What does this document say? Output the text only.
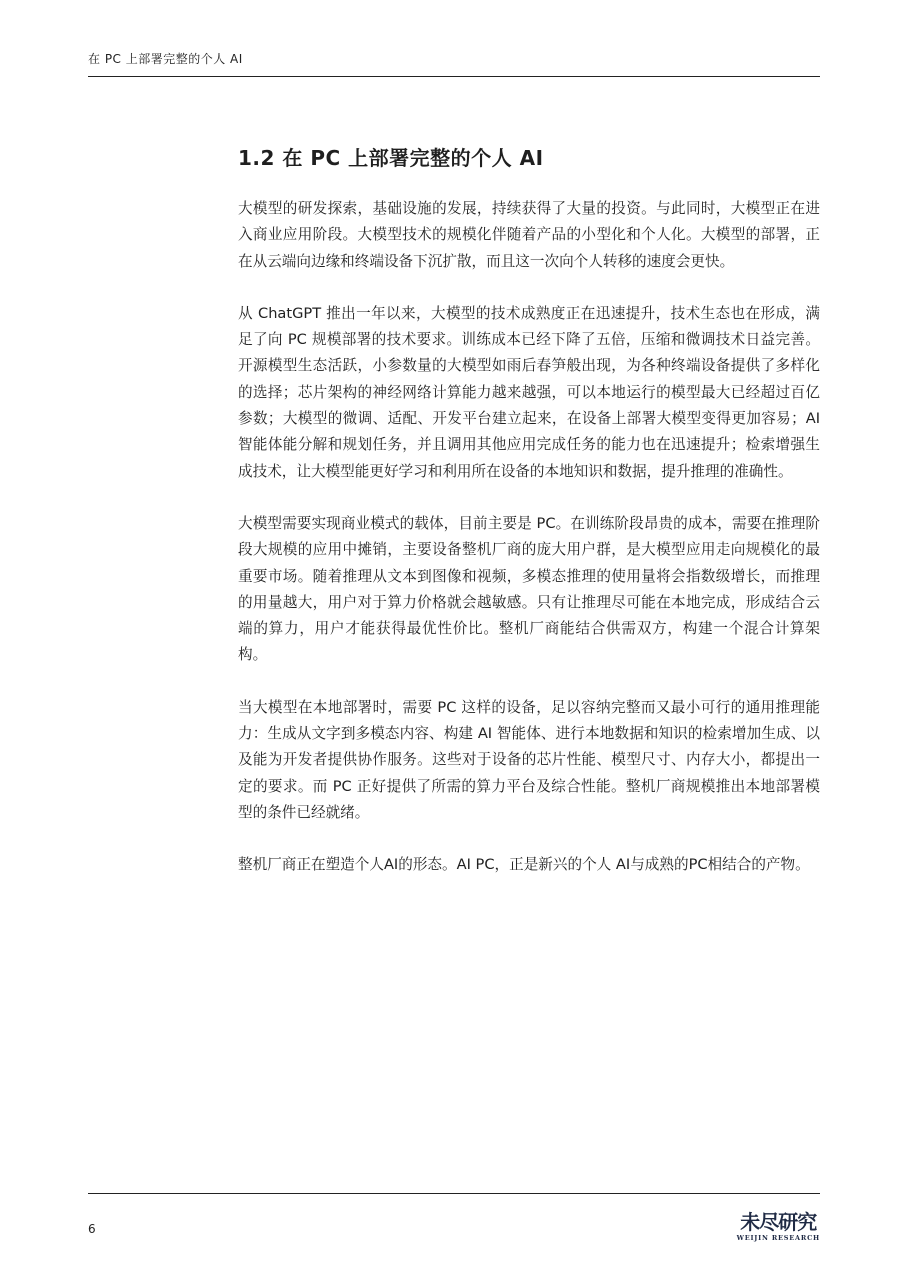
在 PC 上部署完整的个人 AI
1.2 在 PC 上部署完整的个人 AI

大模型的研发探索，基础设施的发展，持续获得了大量的投资。与此同时，大模型正在进入商业应用阶段。大模型技术的规模化伴随着产品的小型化和个人化。大模型的部署，正在从云端向边缘和终端设备下沉扩散，而且这一次向个人转移的速度会更快。

从 ChatGPT 推出一年以来，大模型的技术成熟度正在迅速提升，技术生态也在形成，满足了向 PC 规模部署的技术要求。训练成本已经下降了五倍，压缩和微调技术日益完善。开源模型生态活跃，小参数量的大模型如雨后春笋般出现，为各种终端设备提供了多样化的选择；芯片架构的神经网络计算能力越来越强，可以本地运行的模型最大已经超过百亿参数；大模型的微调、适配、开发平台建立起来，在设备上部署大模型变得更加容易；AI 智能体能分解和规划任务，并且调用其他应用完成任务的能力也在迅速提升；检索增强生成技术，让大模型能更好学习和利用所在设备的本地知识和数据，提升推理的准确性。

大模型需要实现商业模式的载体，目前主要是 PC。在训练阶段昂贵的成本，需要在推理阶段大规模的应用中摊销，主要设备整机厂商的庞大用户群，是大模型应用走向规模化的最重要市场。随着推理从文本到图像和视频，多模态推理的使用量将会指数级增长，而推理的用量越大，用户对于算力价格就会越敏感。只有让推理尽可能在本地完成，形成结合云端的算力，用户才能获得最优性价比。整机厂商能结合供需双方，构建一个混合计算架构。

当大模型在本地部署时，需要 PC 这样的设备，足以容纳完整而又最小可行的通用推理能力：生成从文字到多模态内容、构建 AI 智能体、进行本地数据和知识的检索增加生成、以及能为开发者提供协作服务。这些对于设备的芯片性能、模型尺寸、内存大小，都提出一定的要求。而 PC 正好提供了所需的算力平台及综合性能。整机厂商规模推出本地部署模型的条件已经就绪。

整机厂商正在塑造个人AI的形态。AI PC，正是新兴的个人 AI与成熟的PC相结合的产物。

6	未尽研究
WEIJIN RESEARCH
